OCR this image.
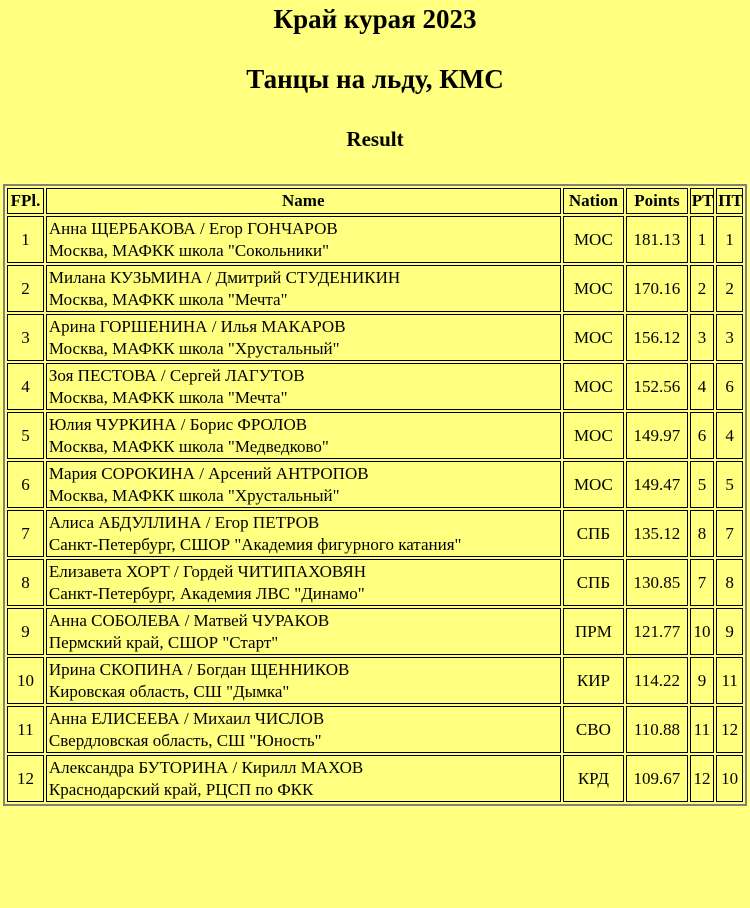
Край курая 2023
Танцы на льду, КМС
Result
FPl.	Name	Nation	Points	PT	ПТ
1	Анна ЩЕРБАКОВА / Егор ГОНЧАРОВ
Москва, МАФКК школа "Сокольники"	МОС	181.13	1	1
2	Милана КУЗЬМИНА / Дмитрий СТУДЕНИКИН
Москва, МАФКК школа "Мечта"	МОС	170.16	2	2
3	Арина ГОРШЕНИНА / Илья МАКАРОВ
Москва, МАФКК школа "Хрустальный"	МОС	156.12	3	3
4	Зоя ПЕСТОВА / Сергей ЛАГУТОВ
Москва, МАФКК школа "Мечта"	МОС	152.56	4	6
5	Юлия ЧУРКИНА / Борис ФРОЛОВ
Москва, МАФКК школа "Медведково"	МОС	149.97	6	4
6	Мария СОРОКИНА / Арсений АНТРОПОВ
Москва, МАФКК школа "Хрустальный"	МОС	149.47	5	5
7	Алиса АБДУЛЛИНА / Егор ПЕТРОВ
Санкт-Петербург, СШОР "Академия фигурного катания"	СПБ	135.12	8	7
8	Елизавета ХОРТ / Гордей ЧИТИПАХОВЯН
Санкт-Петербург, Академия ЛВС "Динамо"	СПБ	130.85	7	8
9	Анна СОБОЛЕВА / Матвей ЧУРАКОВ
Пермский край, СШОР "Старт"	ПРМ	121.77	10	9
10	Ирина СКОПИНА / Богдан ЩЕННИКОВ
Кировская область, СШ "Дымка"	КИР	114.22	9	11
11	Анна ЕЛИСЕЕВА / Михаил ЧИСЛОВ
Свердловская область, СШ "Юность"	СВО	110.88	11	12
12	Александра БУТОРИНА / Кирилл МАХОВ
Краснодарский край, РЦСП по ФКК	КРД	109.67	12	10
